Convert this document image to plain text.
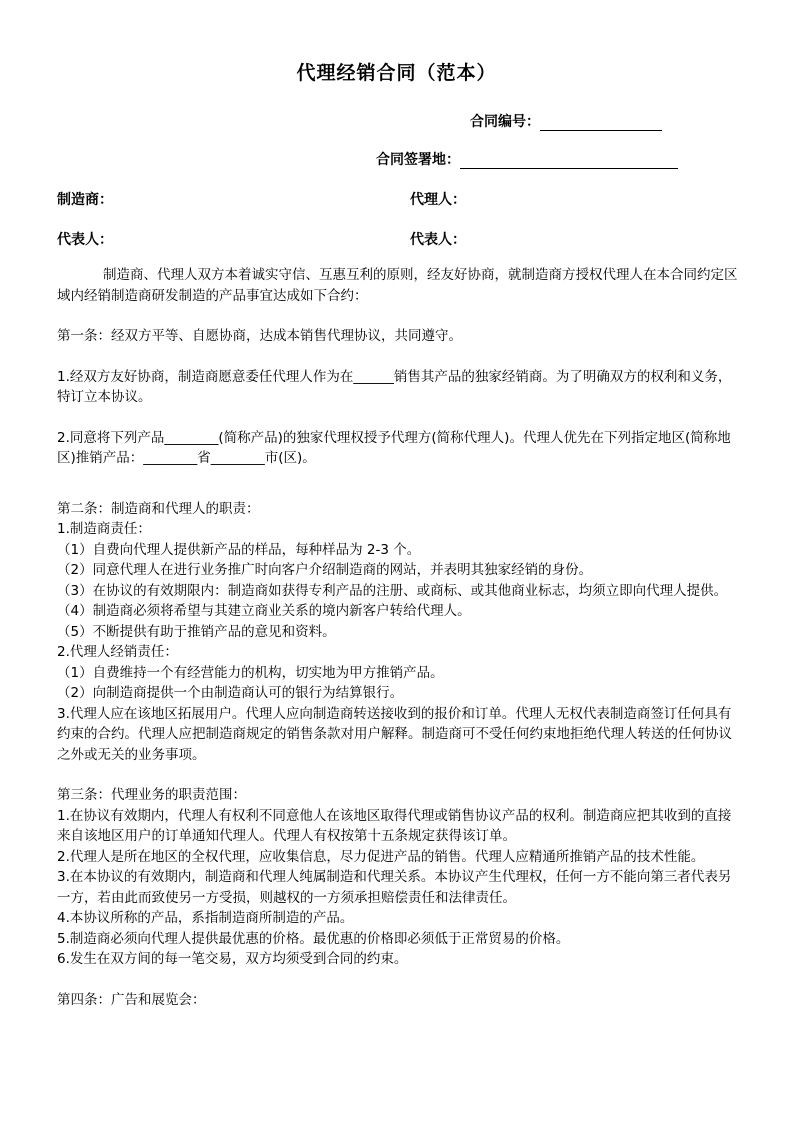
代理经销合同（范本）
合同编号：
合同签署地：
制造商：	代理人：
代表人：	代表人：

制造商、代理人双方本着诚实守信、互惠互利的原则，经友好协商，就制造商方授权代理人在本合同约定区域内经销制造商研发制造的产品事宜达成如下合约：

第一条：经双方平等、自愿协商，达成本销售代理协议，共同遵守。

1.经双方友好协商，制造商愿意委任代理人作为在______销售其产品的独家经销商。为了明确双方的权利和义务，特订立本协议。

2.同意将下列产品________(简称产品)的独家代理权授予代理方(简称代理人)。代理人优先在下列指定地区(简称地区)推销产品：________省________市(区)。

第二条：制造商和代理人的职责：

1.制造商责任：

（1）自费向代理人提供新产品的样品，每种样品为 2-3 个。

（2）同意代理人在进行业务推广时向客户介绍制造商的网站，并表明其独家经销的身份。

（3）在协议的有效期限内：制造商如获得专利产品的注册、或商标、或其他商业标志，均须立即向代理人提供。

（4）制造商必须将希望与其建立商业关系的境内新客户转给代理人。

（5）不断提供有助于推销产品的意见和资料。

2.代理人经销责任：

（1）自费维持一个有经营能力的机构，切实地为甲方推销产品。

（2）向制造商提供一个由制造商认可的银行为结算银行。

3.代理人应在该地区拓展用户。代理人应向制造商转送接收到的报价和订单。代理人无权代表制造商签订任何具有约束的合约。代理人应把制造商规定的销售条款对用户解释。制造商可不受任何约束地拒绝代理人转送的任何协议之外或无关的业务事项。

第三条：代理业务的职责范围：

1.在协议有效期内，代理人有权利不同意他人在该地区取得代理或销售协议产品的权利。制造商应把其收到的直接来自该地区用户的订单通知代理人。代理人有权按第十五条规定获得该订单。

2.代理人是所在地区的全权代理，应收集信息，尽力促进产品的销售。代理人应精通所推销产品的技术性能。

3.在本协议的有效期内，制造商和代理人纯属制造和代理关系。本协议产生代理权，任何一方不能向第三者代表另一方，若由此而致使另一方受损，则越权的一方须承担赔偿责任和法律责任。

4.本协议所称的产品，系指制造商所制造的产品。

5.制造商必须向代理人提供最优惠的价格。最优惠的价格即必须低于正常贸易的价格。

6.发生在双方间的每一笔交易，双方均须受到合同的约束。

第四条：广告和展览会：
